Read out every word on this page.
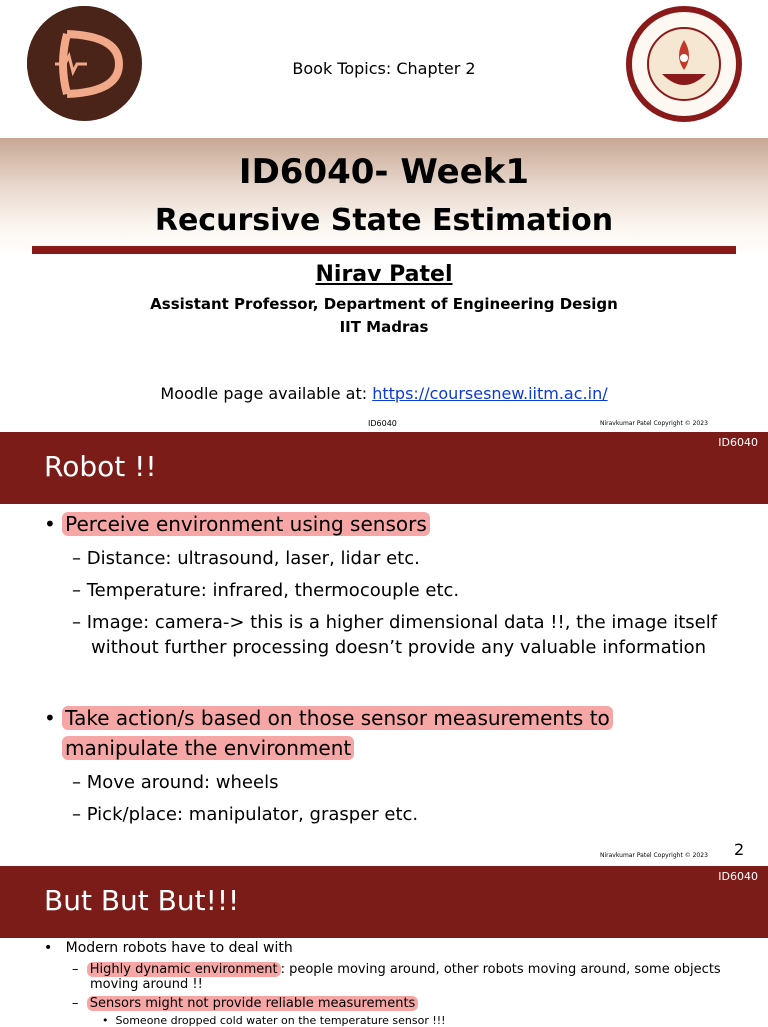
Book Topics: Chapter 2
ID6040- Week1
Recursive State Estimation
Nirav Patel
Assistant Professor, Department of Engineering Design
IIT Madras
Moodle page available at: https://coursesnew.iitm.ac.in/
ID6040	Niravkumar Patel Copyright © 2023
ID6040
Robot !!
• Perceive environment using sensors
– Distance: ultrasound, laser, lidar etc.
– Temperature: infrared, thermocouple etc.
– Image: camera-> this is a higher dimensional data !!, the image itself
without further processing doesn’t provide any valuable information
• Take action/s based on those sensor measurements to
manipulate the environment
– Move around: wheels
– Pick/place: manipulator, grasper etc.
2
Niravkumar Patel Copyright © 2023
ID6040
But But But!!!
• Modern robots have to deal with
–  Highly dynamic environment : people moving around, other robots moving around, some objects
moving around !!
–  Sensors might not provide reliable measurements
• Someone dropped cold water on the temperature sensor !!!
